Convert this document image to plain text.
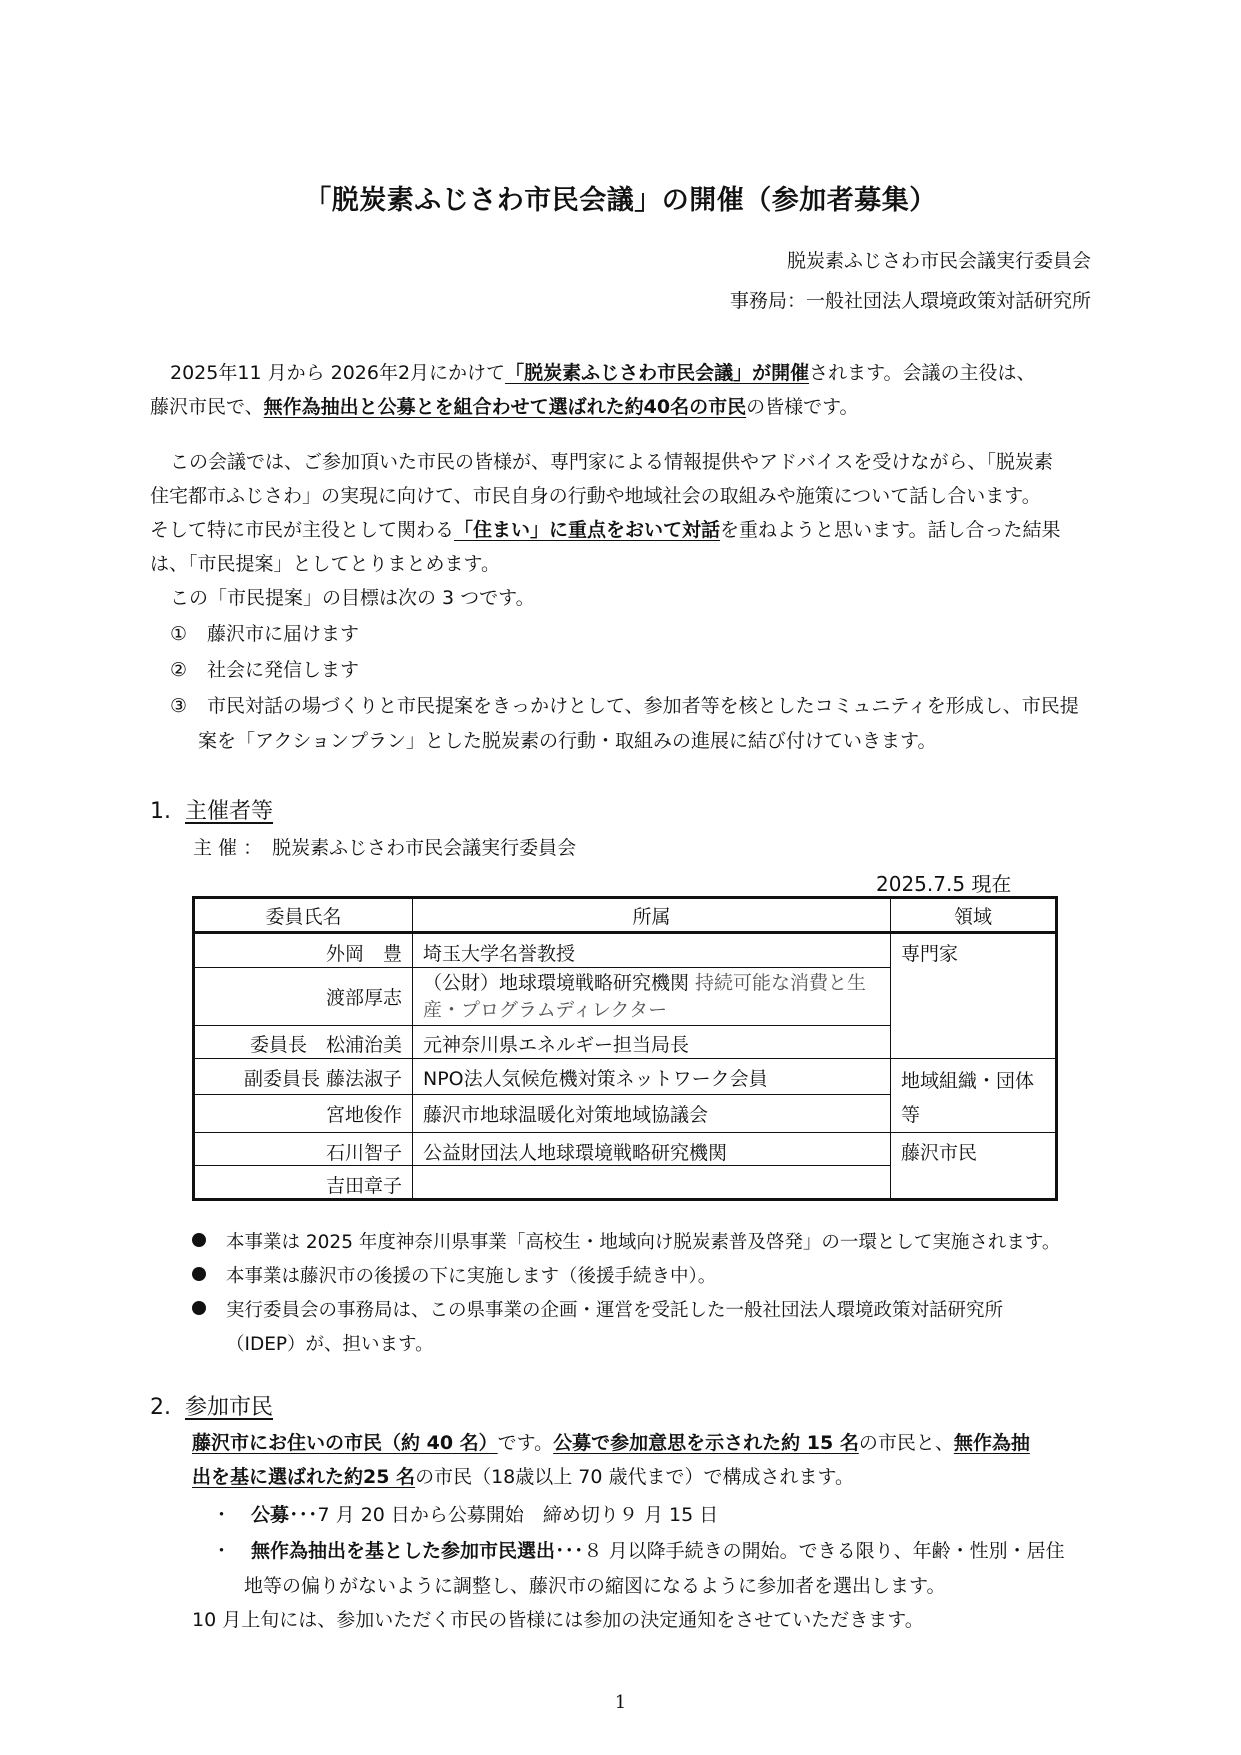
「脱炭素ふじさわ市民会議」の開催（参加者募集）
脱炭素ふじさわ市民会議実行委員会
事務局：一般社団法人環境政策対話研究所
2025年11 月から 2026年2月にかけて「脱炭素ふじさわ市民会議」が開催されます。会議の主役は、
藤沢市民で、無作為抽出と公募とを組合わせて選ばれた約40名の市民の皆様です。
この会議では、ご参加頂いた市民の皆様が、専門家による情報提供やアドバイスを受けながら、「脱炭素
住宅都市ふじさわ」の実現に向けて、市民自身の行動や地域社会の取組みや施策について話し合います。
そして特に市民が主役として関わる「住まい」に重点をおいて対話を重ねようと思います。話し合った結果
は、「市民提案」としてとりまとめます。
この「市民提案」の目標は次の 3 つです。
① 藤沢市に届けます
② 社会に発信します
③ 市民対話の場づくりと市民提案をきっかけとして、参加者等を核としたコミュニティを形成し、市民提
案を「アクションプラン」とした脱炭素の行動・取組みの進展に結び付けていきます。
1. 主催者等
主 催 ： 脱炭素ふじさわ市民会議実行委員会
2025.7.5 現在
委員氏名	所属	領域
外岡　豊	埼玉大学名誉教授	専門家
渡部厚志	（公財）地球環境戦略研究機関 持続可能な消費と生産・プログラムディレクター	
委員長　松浦治美	元神奈川県エネルギー担当局長	
副委員長 藤法淑子	NPO法人気候危機対策ネットワーク会員	地域組織・団体等
宮地俊作	藤沢市地球温暖化対策地域協議会	
石川智子	公益財団法人地球環境戦略研究機関	藤沢市民
吉田章子		
本事業は 2025 年度神奈川県事業「高校生・地域向け脱炭素普及啓発」の一環として実施されます。
本事業は藤沢市の後援の下に実施します（後援手続き中）。
実行委員会の事務局は、この県事業の企画・運営を受託した一般社団法人環境政策対話研究所
（IDEP）が、担います。
2. 参加市民
藤沢市にお住いの市民（約 40 名）です。公募で参加意思を示された約 15 名の市民と、無作為抽
出を基に選ばれた約25 名の市民（18歳以上 70 歳代まで）で構成されます。
・ 公募･･･7 月 20 日から公募開始　締め切り９ 月 15 日
・ 無作為抽出を基とした参加市民選出･･･８ 月以降手続きの開始。できる限り、年齢・性別・居住
地等の偏りがないように調整し、藤沢市の縮図になるように参加者を選出します。
10 月上旬には、参加いただく市民の皆様には参加の決定通知をさせていただきます。
1
